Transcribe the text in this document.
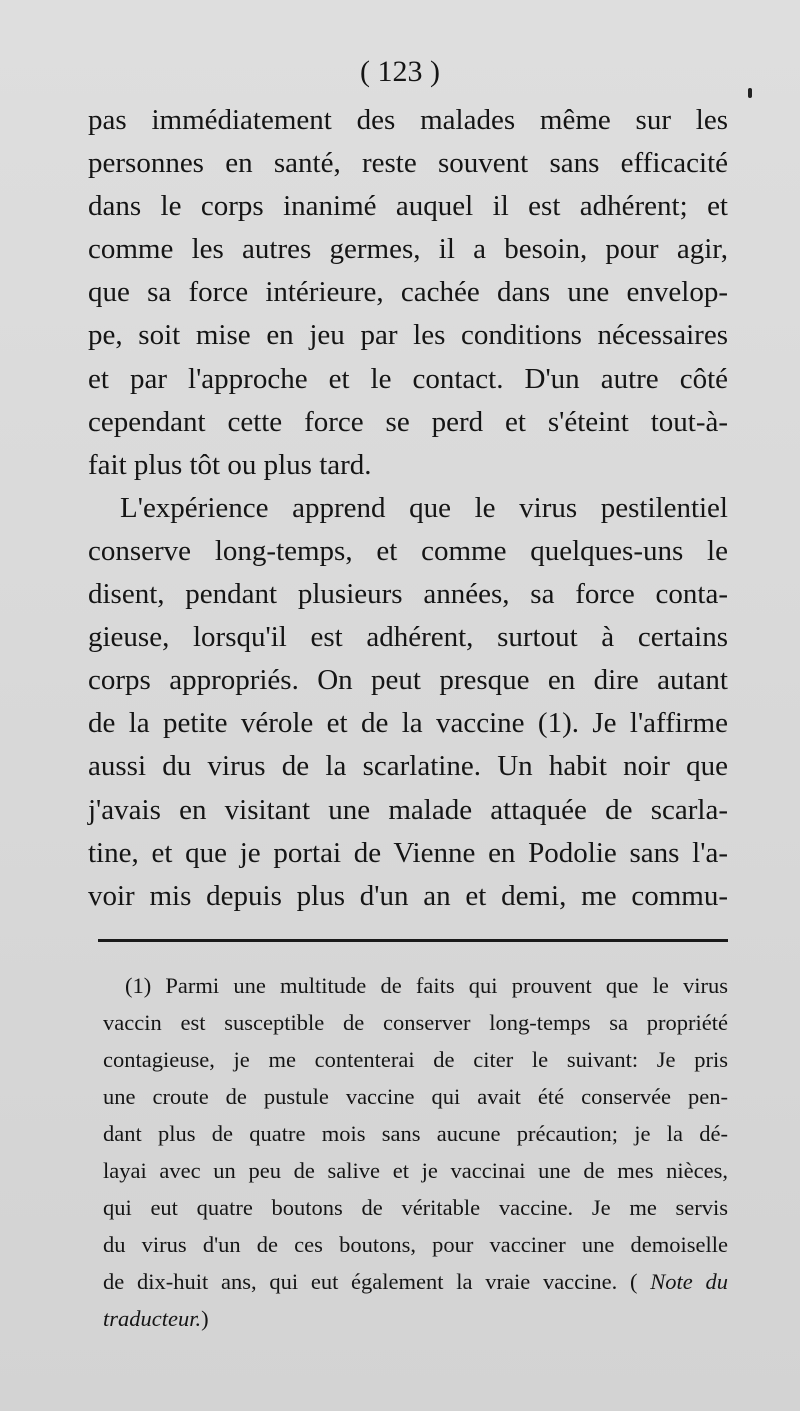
( 123 )
pas immédiatement des malades même sur les
personnes en santé, reste souvent sans efficacité
dans le corps inanimé auquel il est adhérent; et
comme les autres germes, il a besoin, pour agir,
que sa force intérieure, cachée dans une envelop-
pe, soit mise en jeu par les conditions nécessaires
et par l'approche et le contact. D'un autre côté
cependant cette force se perd et s'éteint tout-à-
fait plus tôt ou plus tard.
L'expérience apprend que le virus pestilentiel
conserve long-temps, et comme quelques-uns le
disent, pendant plusieurs années, sa force conta-
gieuse, lorsqu'il est adhérent, surtout à certains
corps appropriés. On peut presque en dire autant
de la petite vérole et de la vaccine (1). Je l'affirme
aussi du virus de la scarlatine. Un habit noir que
j'avais en visitant une malade attaquée de scarla-
tine, et que je portai de Vienne en Podolie sans l'a-
voir mis depuis plus d'un an et demi, me commu-
(1) Parmi une multitude de faits qui prouvent que le virus
vaccin est susceptible de conserver long-temps sa propriété
contagieuse, je me contenterai de citer le suivant: Je pris
une croute de pustule vaccine qui avait été conservée pen-
dant plus de quatre mois sans aucune précaution; je la dé-
layai avec un peu de salive et je vaccinai une de mes nièces,
qui eut quatre boutons de véritable vaccine. Je me servis
du virus d'un de ces boutons, pour vacciner une demoiselle
de dix-huit ans, qui eut également la vraie vaccine. ( Note du
traducteur.)
